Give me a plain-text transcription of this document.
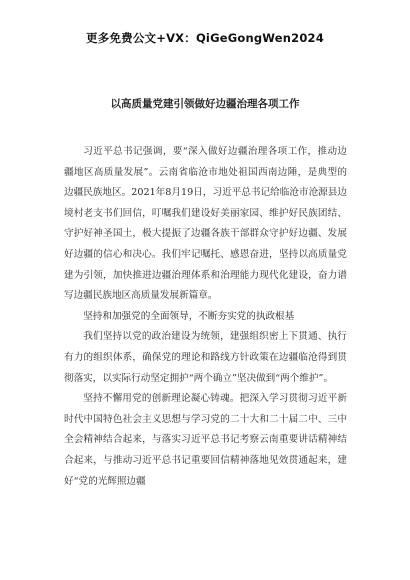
更多免费公文+VX：QiGeGongWen2024
以高质量党建引领做好边疆治理各项工作

习近平总书记强调，要“深入做好边疆治理各项工作，推动边疆地区高质量发展”。云南省临沧市地处祖国西南边陲，是典型的边疆民族地区。2021年8月19日，习近平总书记给临沧市沧源县边境村老支书们回信，叮嘱我们建设好美丽家园、维护好民族团结、守护好神圣国土，极大提振了边疆各族干部群众守护好边疆、发展好边疆的信心和决心。我们牢记嘱托、感恩奋进，坚持以高质量党建为引领，加快推进边疆治理体系和治理能力现代化建设，奋力谱写边疆民族地区高质量发展新篇章。

坚持和加强党的全面领导，不断夯实党的执政根基

我们坚持以党的政治建设为统领，建强组织密上下贯通、执行有力的组织体系，确保党的理论和路线方针政策在边疆临沧得到贯彻落实，以实际行动坚定拥护“两个确立”坚决做到“两个维护”。

坚持不懈用党的创新理论凝心铸魂。把深入学习贯彻习近平新时代中国特色社会主义思想与学习党的二十大和二十届二中、三中全会精神结合起来，与落实习近平总书记考察云南重要讲话精神结合起来，与推动习近平总书记重要回信精神落地见效贯通起来，建好“党的光辉照边疆
